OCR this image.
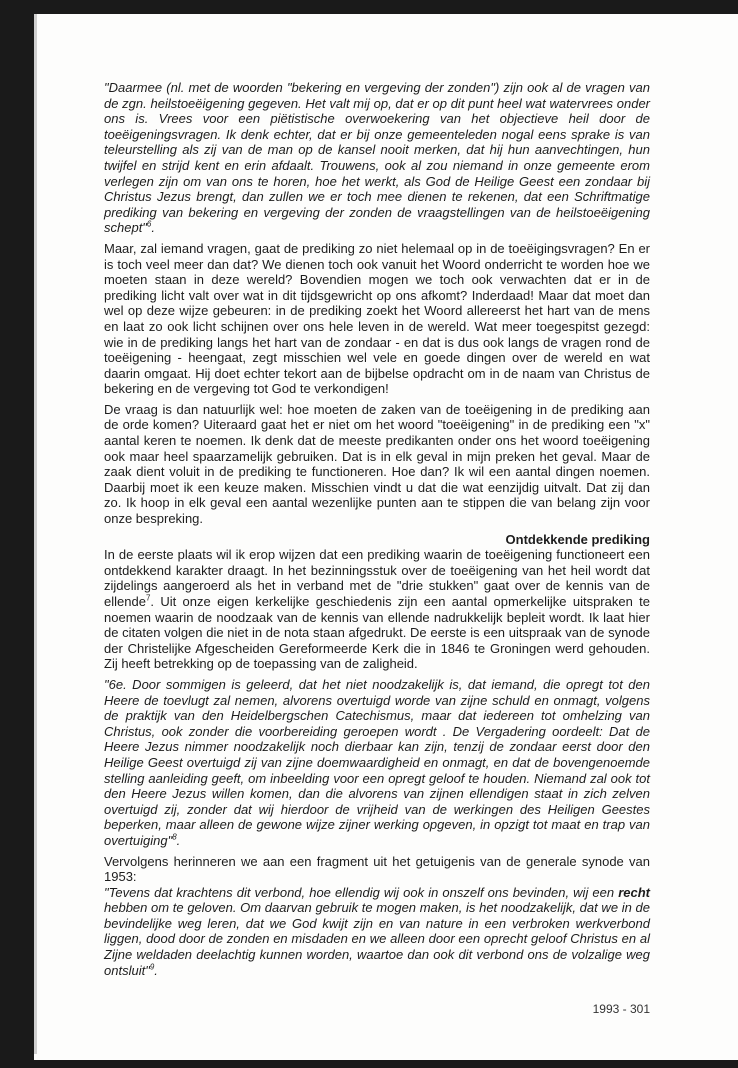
"Daarmee (nl. met de woorden "bekering en vergeving der zonden") zijn ook al de vragen van de zgn. heilstoeëigening gegeven. Het valt mij op, dat er op dit punt heel wat watervrees onder ons is. Vrees voor een piëtistische overwoekering van het objectieve heil door de toeëigeningsvragen. Ik denk echter, dat er bij onze gemeenteleden nogal eens sprake is van teleurstelling als zij van de man op de kansel nooit merken, dat hij hun aanvechtingen, hun twijfel en strijd kent en erin afdaalt. Trouwens, ook al zou niemand in onze gemeente erom verlegen zijn om van ons te horen, hoe het werkt, als God de Heilige Geest een zondaar bij Christus Jezus brengt, dan zullen we er toch mee dienen te rekenen, dat een Schriftmatige prediking van bekering en vergeving der zonden de vraagstellingen van de heilstoeëigening schept"$^6$.

Maar, zal iemand vragen, gaat de prediking zo niet helemaal op in de toeëigingsvragen? En er is toch veel meer dan dat? We dienen toch ook vanuit het Woord onderricht te worden hoe we moeten staan in deze wereld? Bovendien mogen we toch ook verwachten dat er in de prediking licht valt over wat in dit tijdsgewricht op ons afkomt? Inderdaad! Maar dat moet dan wel op deze wijze gebeuren: in de prediking zoekt het Woord allereerst het hart van de mens en laat zo ook licht schijnen over ons hele leven in de wereld. Wat meer toegespitst gezegd: wie in de prediking langs het hart van de zondaar - en dat is dus ook langs de vragen rond de toeëigening - heengaat, zegt misschien wel vele en goede dingen over de wereld en wat daarin omgaat. Hij doet echter tekort aan de bijbelse opdracht om in de naam van Christus de bekering en de vergeving tot God te verkondigen!

De vraag is dan natuurlijk wel: hoe moeten de zaken van de toeëigening in de prediking aan de orde komen? Uiteraard gaat het er niet om het woord "toeëigening" in de prediking een "x" aantal keren te noemen. Ik denk dat de meeste predikanten onder ons het woord toeëigening ook maar heel spaarzamelijk gebruiken. Dat is in elk geval in mijn preken het geval. Maar de zaak dient voluit in de prediking te functioneren. Hoe dan? Ik wil een aantal dingen noemen. Daarbij moet ik een keuze maken. Misschien vindt u dat die wat eenzijdig uitvalt. Dat zij dan zo. Ik hoop in elk geval een aantal wezenlijke punten aan te stippen die van belang zijn voor onze bespreking.

Ontdekkende prediking

In de eerste plaats wil ik erop wijzen dat een prediking waarin de toeëigening functioneert een ontdekkend karakter draagt. In het bezinningsstuk over de toeëigening van het heil wordt dat zijdelings aangeroerd als het in verband met de "drie stukken" gaat over de kennis van de ellende$^7$. Uit onze eigen kerkelijke geschiedenis zijn een aantal opmerkelijke uitspraken te noemen waarin de noodzaak van de kennis van ellende nadrukkelijk bepleit wordt. Ik laat hier de citaten volgen die niet in de nota staan afgedrukt. De eerste is een uitspraak van de synode der Christelijke Afgescheiden Gereformeerde Kerk die in 1846 te Groningen werd gehouden. Zij heeft betrekking op de toepassing van de zaligheid.

"6e. Door sommigen is geleerd, dat het niet noodzakelijk is, dat iemand, die opregt tot den Heere de toevlugt zal nemen, alvorens overtuigd worde van zijne schuld en onmagt, volgens de praktijk van den Heidelbergschen Catechismus, maar dat iedereen tot omhelzing van Christus, ook zonder die voorbereiding geroepen wordt . De Vergadering oordeelt: Dat de Heere Jezus nimmer noodzakelijk noch dierbaar kan zijn, tenzij de zondaar eerst door den Heilige Geest overtuigd zij van zijne doemwaardigheid en onmagt, en dat de bovengenoemde stelling aanleiding geeft, om inbeelding voor een opregt geloof te houden. Niemand zal ook tot den Heere Jezus willen komen, dan die alvorens van zijnen ellendigen staat in zich zelven overtuigd zij, zonder dat wij hierdoor de vrijheid van de werkingen des Heiligen Geestes beperken, maar alleen de gewone wijze zijner werking opgeven, in opzigt tot maat en trap van overtuiging"$^8$.

Vervolgens herinneren we aan een fragment uit het getuigenis van de generale synode van 1953:

"Tevens dat krachtens dit verbond, hoe ellendig wij ook in onszelf ons bevinden, wij een recht hebben om te geloven. Om daarvan gebruik te mogen maken, is het noodzakelijk, dat we in de bevindelijke weg leren, dat we God kwijt zijn en van nature in een verbroken werkverbond liggen, dood door de zonden en misdaden en we alleen door een oprecht geloof Christus en al Zijne weldaden deelachtig kunnen worden, waartoe dan ook dit verbond ons de volzalige weg ontsluit"$^9$.

1993 - 301
